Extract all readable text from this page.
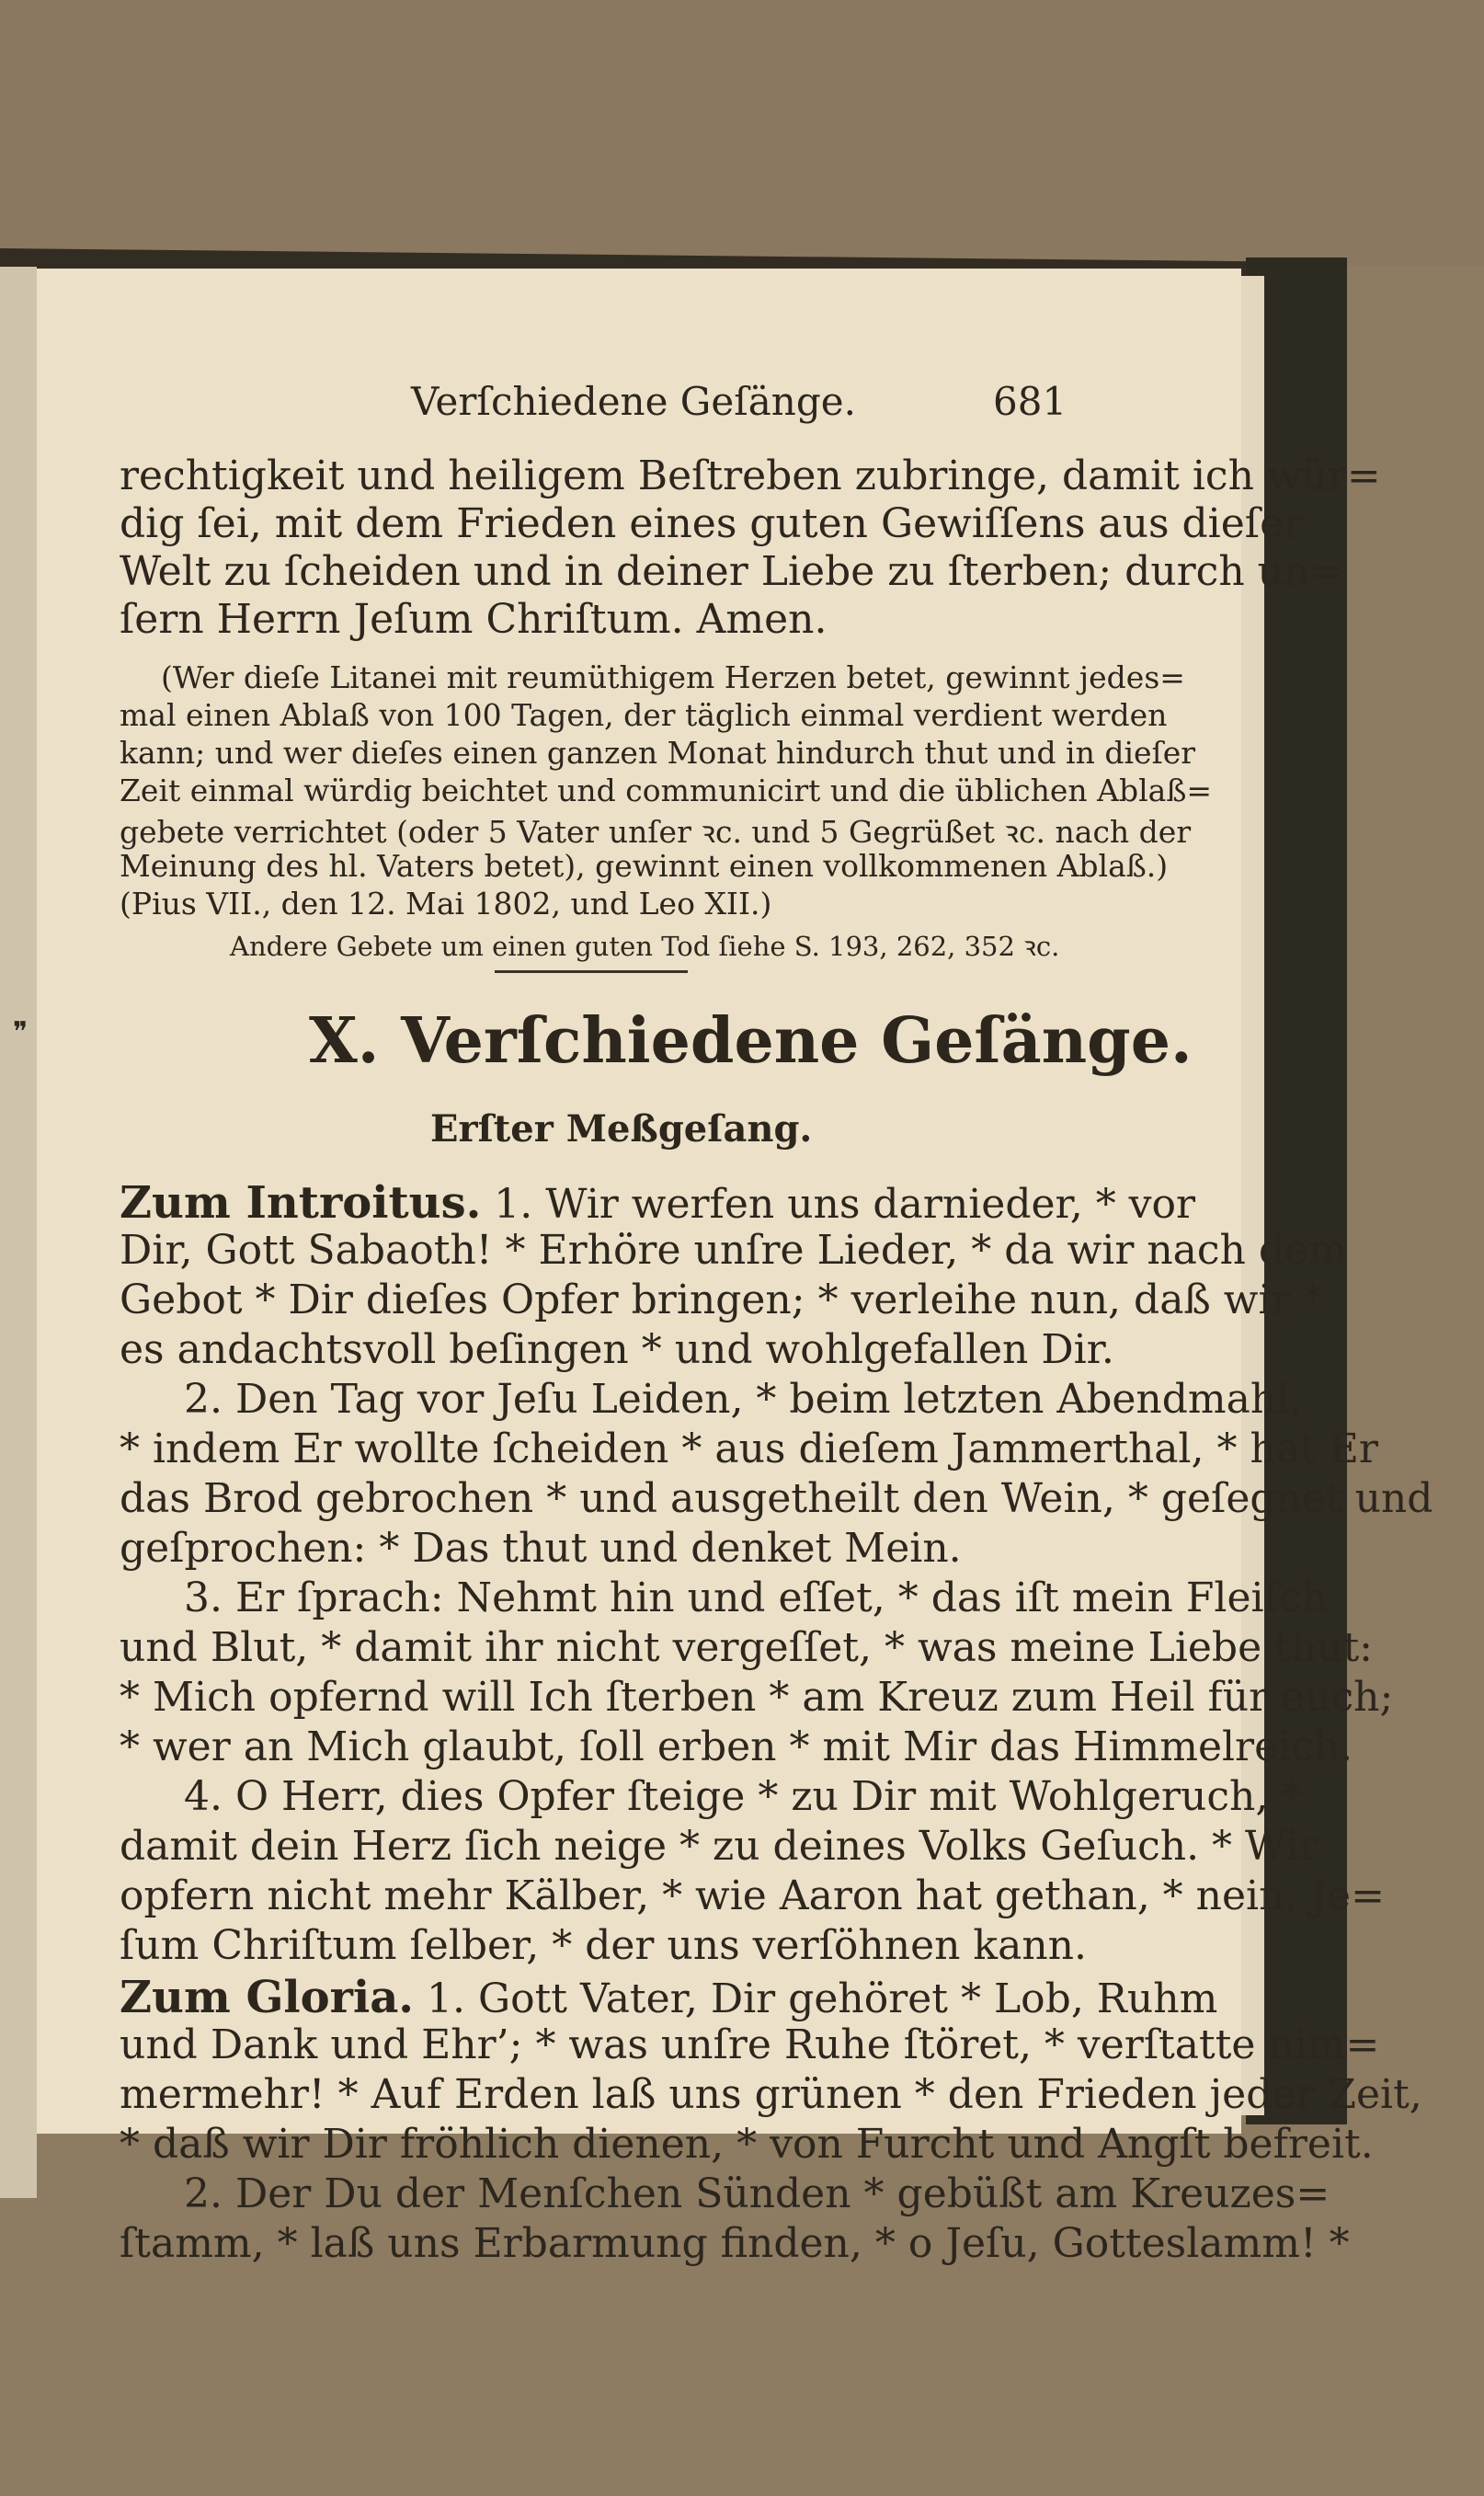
❞
Verſchiedene Geſänge.	681
rechtigkeit und heiligem Beſtreben zubringe, damit ich wür=
dig ſei, mit dem Frieden eines guten Gewiſſens aus dieſer
Welt zu ſcheiden und in deiner Liebe zu ſterben; durch un=
ſern Herrn Jeſum Chriſtum. Amen.
(Wer dieſe Litanei mit reumüthigem Herzen betet, gewinnt jedes=
mal einen Ablaß von 100 Tagen, der täglich einmal verdient werden
kann; und wer dieſes einen ganzen Monat hindurch thut und in dieſer
Zeit einmal würdig beichtet und communicirt und die üblichen Ablaß=
gebete verrichtet (oder 5 Vater unſer ꝛc. und 5 Gegrüßet ꝛc. nach der
Meinung des hl. Vaters betet), gewinnt einen vollkommenen Ablaß.)
(Pius VII., den 12. Mai 1802, und Leo XII.)
Andere Gebete um einen guten Tod ſiehe S. 193, 262, 352 ꝛc.
X. Verſchiedene Geſänge.
Erſter Meßgeſang.
Zum Introitus. 1. Wir werfen uns darnieder, * vor
Dir, Gott Sabaoth! * Erhöre unſre Lieder, * da wir nach dem
Gebot * Dir dieſes Opfer bringen; * verleihe nun, daß wir *
es andachtsvoll beſingen * und wohlgefallen Dir.
2. Den Tag vor Jeſu Leiden, * beim letzten Abendmahl,
* indem Er wollte ſcheiden * aus dieſem Jammerthal, * hat Er
das Brod gebrochen * und ausgetheilt den Wein, * geſegnet und
geſprochen: * Das thut und denket Mein.
3. Er ſprach: Nehmt hin und eſſet, * das iſt mein Fleiſch
und Blut, * damit ihr nicht vergeſſet, * was meine Liebe thut:
* Mich opfernd will Ich ſterben * am Kreuz zum Heil für euch;
* wer an Mich glaubt, ſoll erben * mit Mir das Himmelreich.
4. O Herr, dies Opfer ſteige * zu Dir mit Wohlgeruch, *
damit dein Herz ſich neige * zu deines Volks Geſuch. * Wir
opfern nicht mehr Kälber, * wie Aaron hat gethan, * nein, Je=
ſum Chriſtum ſelber, * der uns verſöhnen kann.
Zum Gloria. 1. Gott Vater, Dir gehöret * Lob, Ruhm
und Dank und Ehr’; * was unſre Ruhe ſtöret, * verſtatte nim=
mermehr! * Auf Erden laß uns grünen * den Frieden jeder Zeit,
* daß wir Dir fröhlich dienen, * von Furcht und Angſt befreit.
2. Der Du der Menſchen Sünden * gebüßt am Kreuzes=
ſtamm, * laß uns Erbarmung finden, * o Jeſu, Gotteslamm! *
